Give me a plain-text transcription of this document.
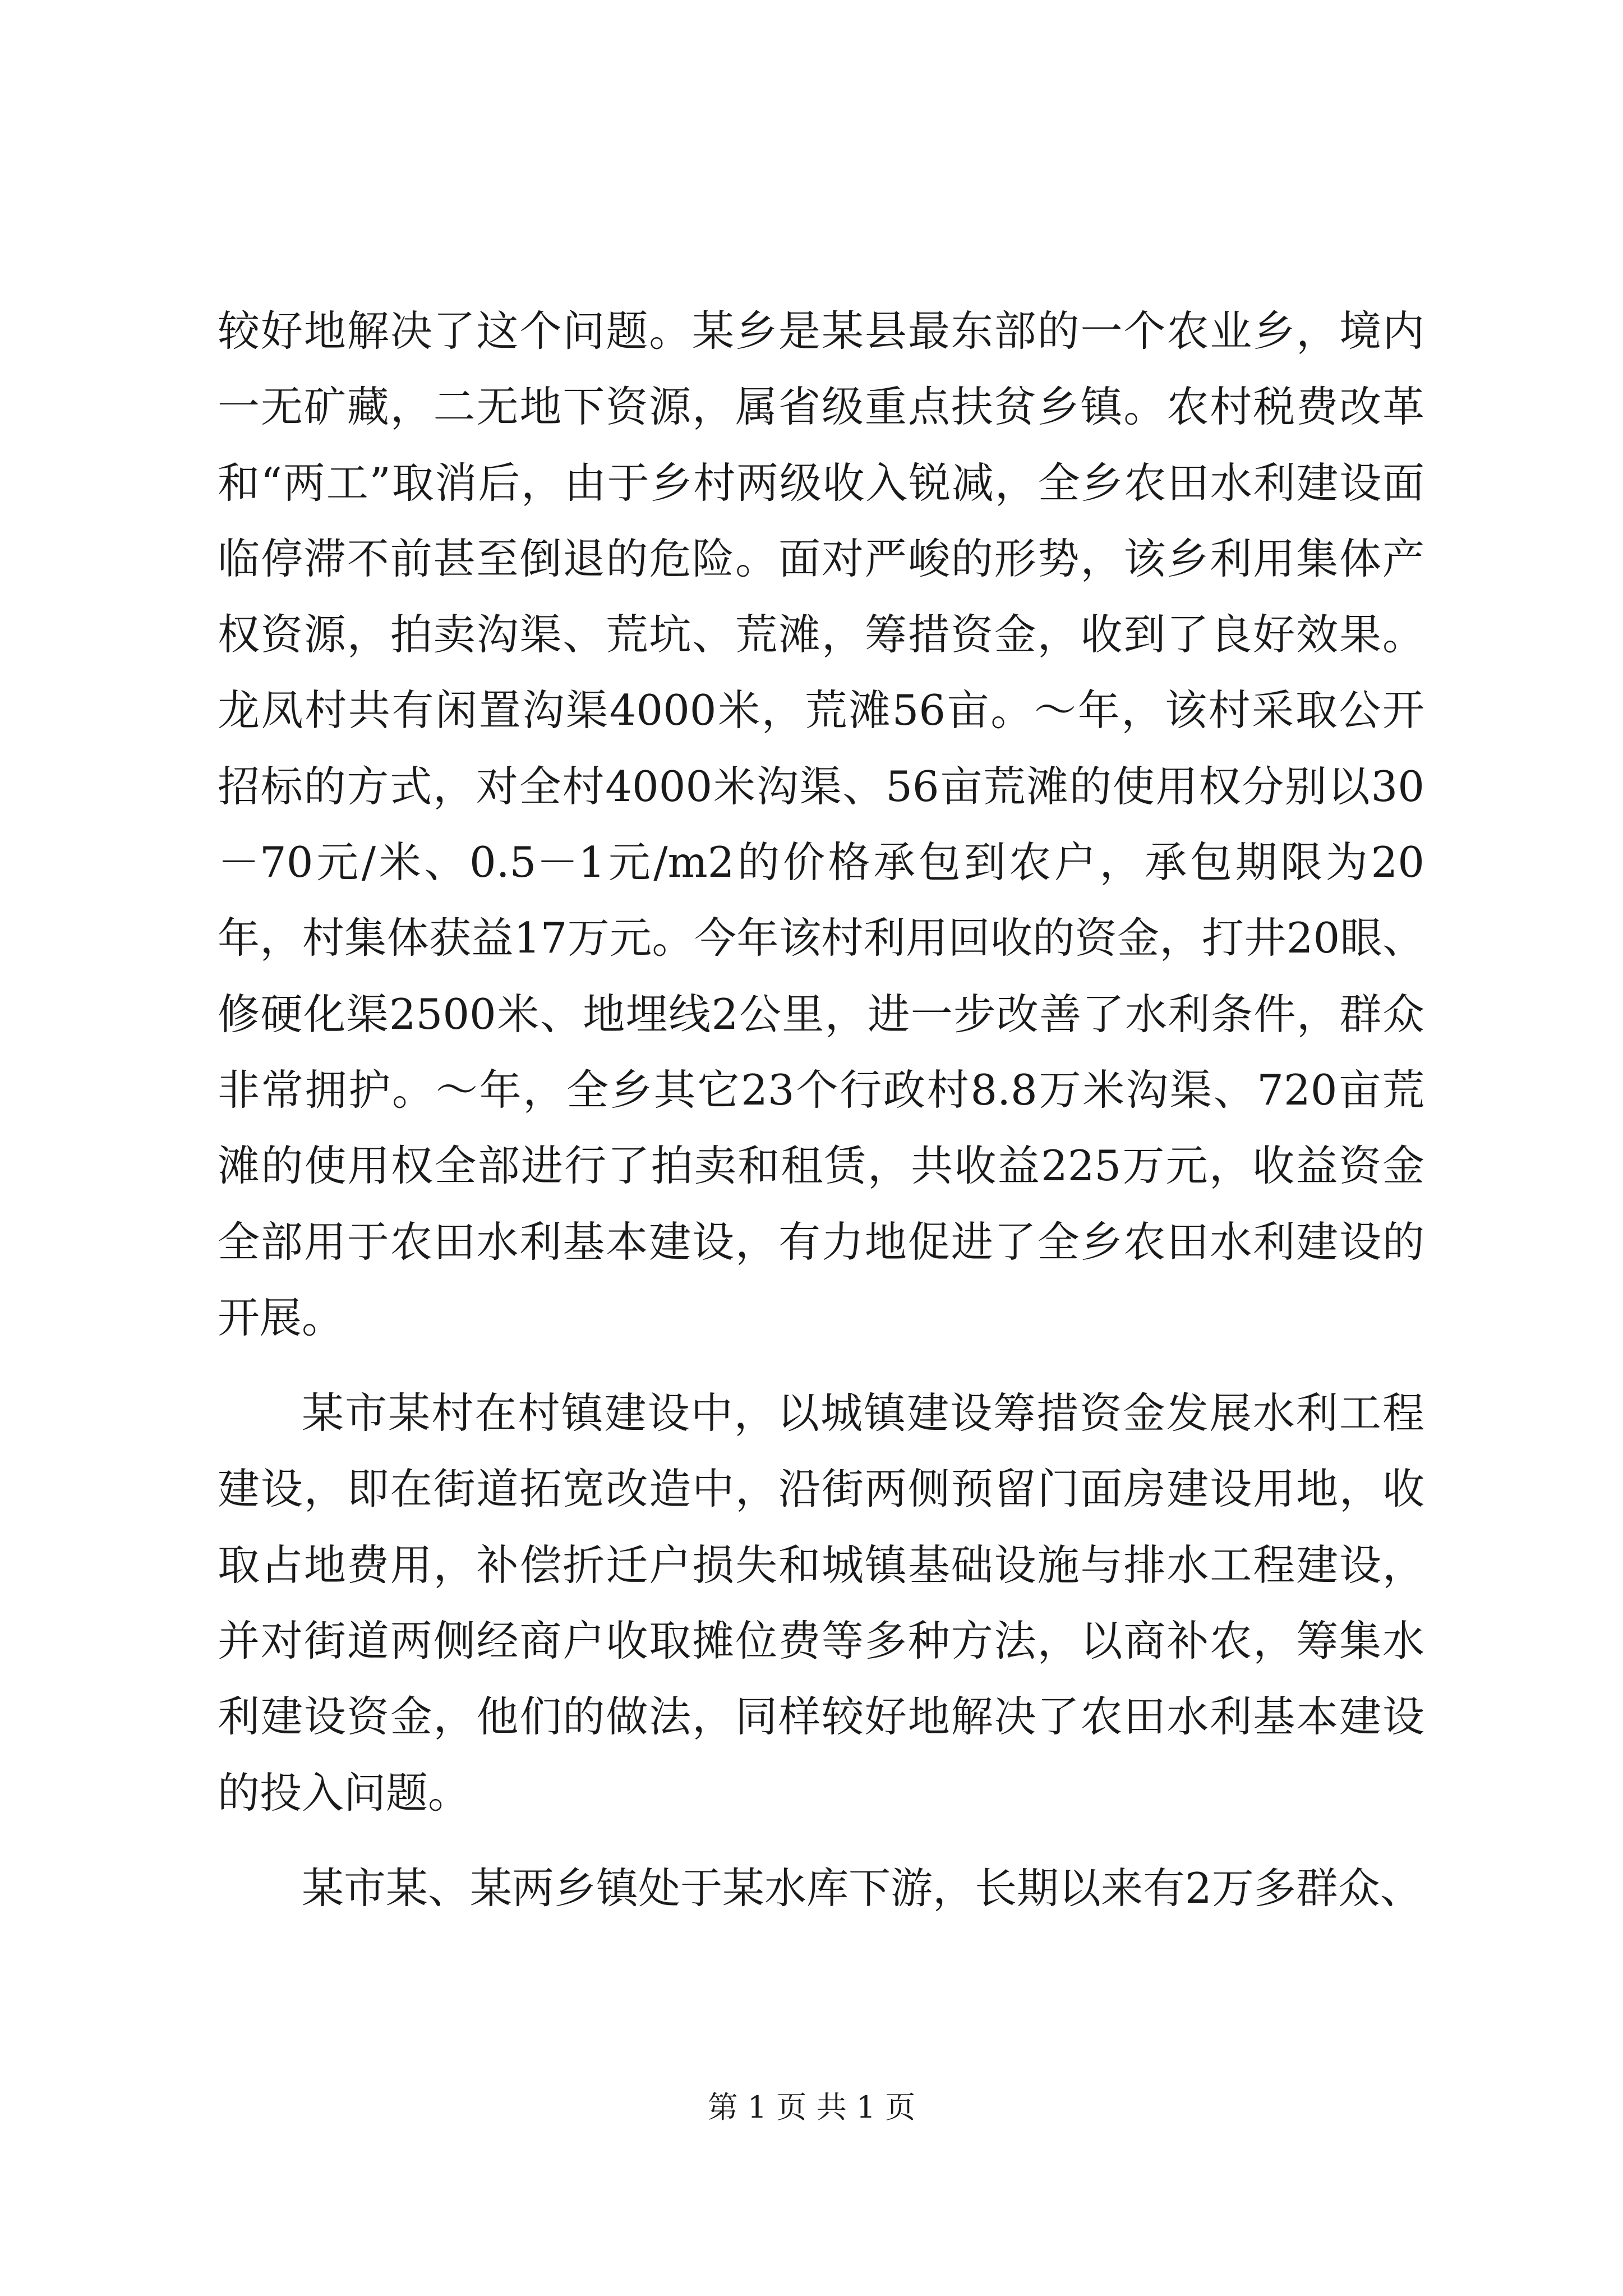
较好地解决了这个问题。某乡是某县最东部的一个农业乡，境内一无矿藏，二无地下资源，属省级重点扶贫乡镇。农村税费改革和“两工”取消后，由于乡村两级收入锐减，全乡农田水利建设面临停滞不前甚至倒退的危险。面对严峻的形势，该乡利用集体产权资源，拍卖沟渠、荒坑、荒滩，筹措资金，收到了良好效果。龙凤村共有闲置沟渠4000米，荒滩56亩。～年，该村采取公开招标的方式，对全村4000米沟渠、56亩荒滩的使用权分别以30－70元/米、0.5－1元/m2的价格承包到农户，承包期限为20年，村集体获益17万元。今年该村利用回收的资金，打井20眼、修硬化渠2500米、地埋线2公里，进一步改善了水利条件，群众非常拥护。～年，全乡其它23个行政村8.8万米沟渠、720亩荒滩的使用权全部进行了拍卖和租赁，共收益225万元，收益资金全部用于农田水利基本建设，有力地促进了全乡农田水利建设的开展。

某市某村在村镇建设中，以城镇建设筹措资金发展水利工程建设，即在街道拓宽改造中，沿街两侧预留门面房建设用地，收取占地费用，补偿折迁户损失和城镇基础设施与排水工程建设，并对街道两侧经商户收取摊位费等多种方法，以商补农，筹集水利建设资金，他们的做法，同样较好地解决了农田水利基本建设的投入问题。

某市某、某两乡镇处于某水库下游，长期以来有2万多群众、

第 1 页 共 1 页
